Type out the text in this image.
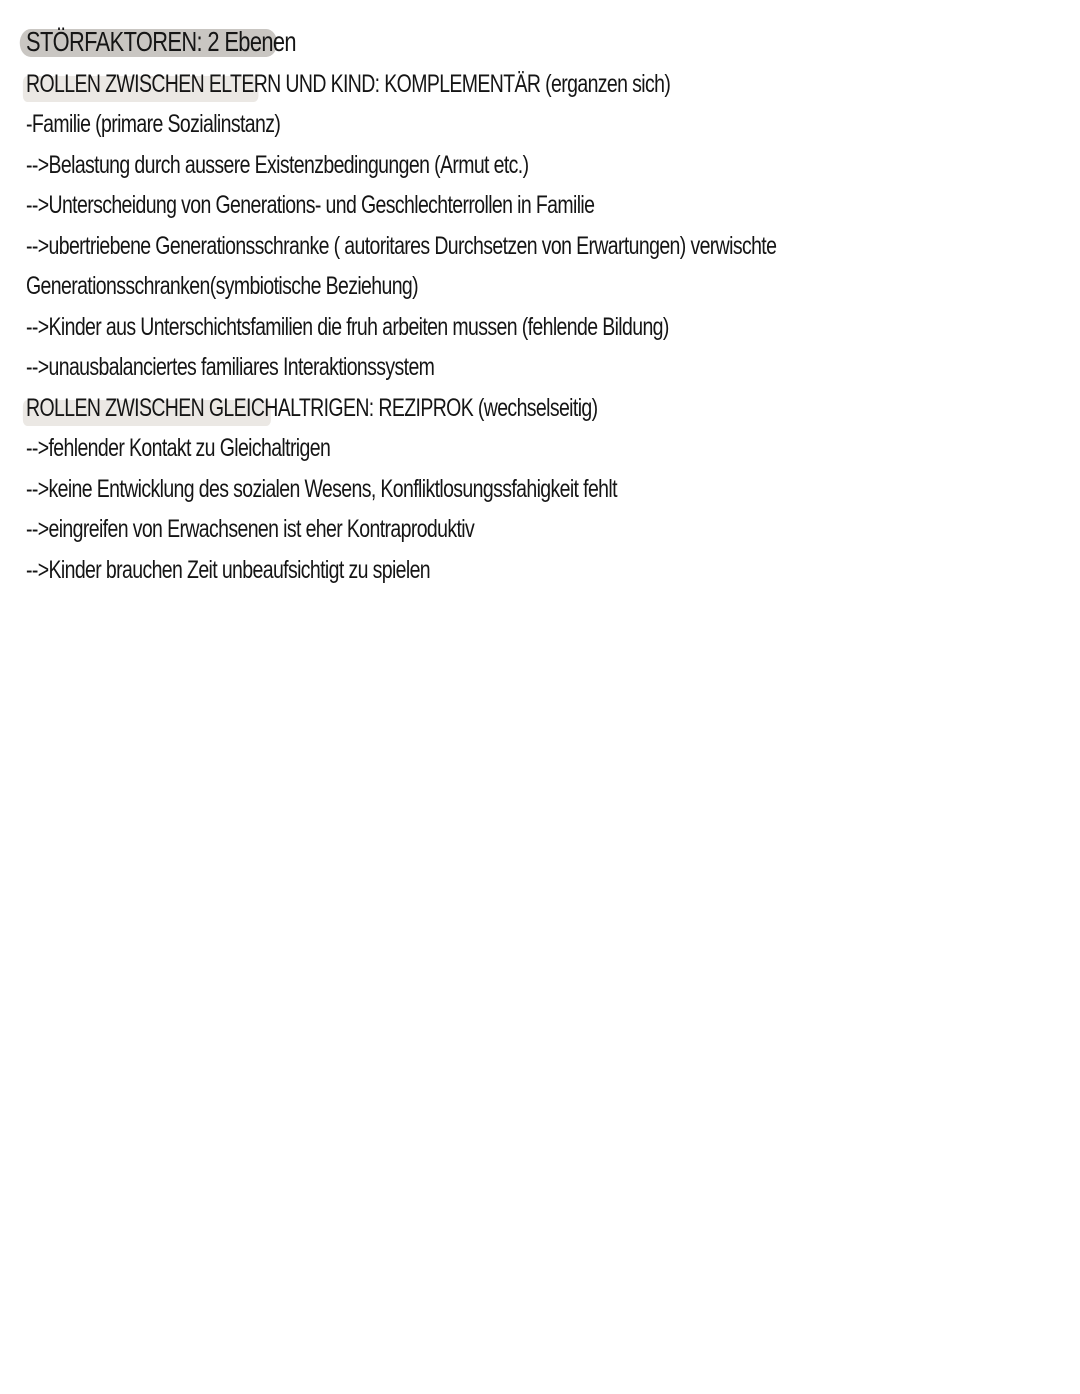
STÖRFAKTOREN: 2 Ebenen
ROLLEN ZWISCHEN ELTERN UND KIND: KOMPLEMENTÄR (erganzen sich)
-Familie (primare Sozialinstanz)
-->Belastung durch aussere Existenzbedingungen (Armut etc.)
-->Unterscheidung von Generations- und Geschlechterrollen in Familie
-->ubertriebene Generationsschranke ( autoritares Durchsetzen von Erwartungen) verwischte
Generationsschranken(symbiotische Beziehung)
-->Kinder aus Unterschichtsfamilien die fruh arbeiten mussen (fehlende Bildung)
-->unausbalanciertes familiares Interaktionssystem
ROLLEN ZWISCHEN GLEICHALTRIGEN: REZIPROK (wechselseitig)
-->fehlender Kontakt zu Gleichaltrigen
-->keine Entwicklung des sozialen Wesens, Konfliktlosungssfahigkeit fehlt
-->eingreifen von Erwachsenen ist eher Kontraproduktiv
-->Kinder brauchen Zeit unbeaufsichtigt zu spielen
